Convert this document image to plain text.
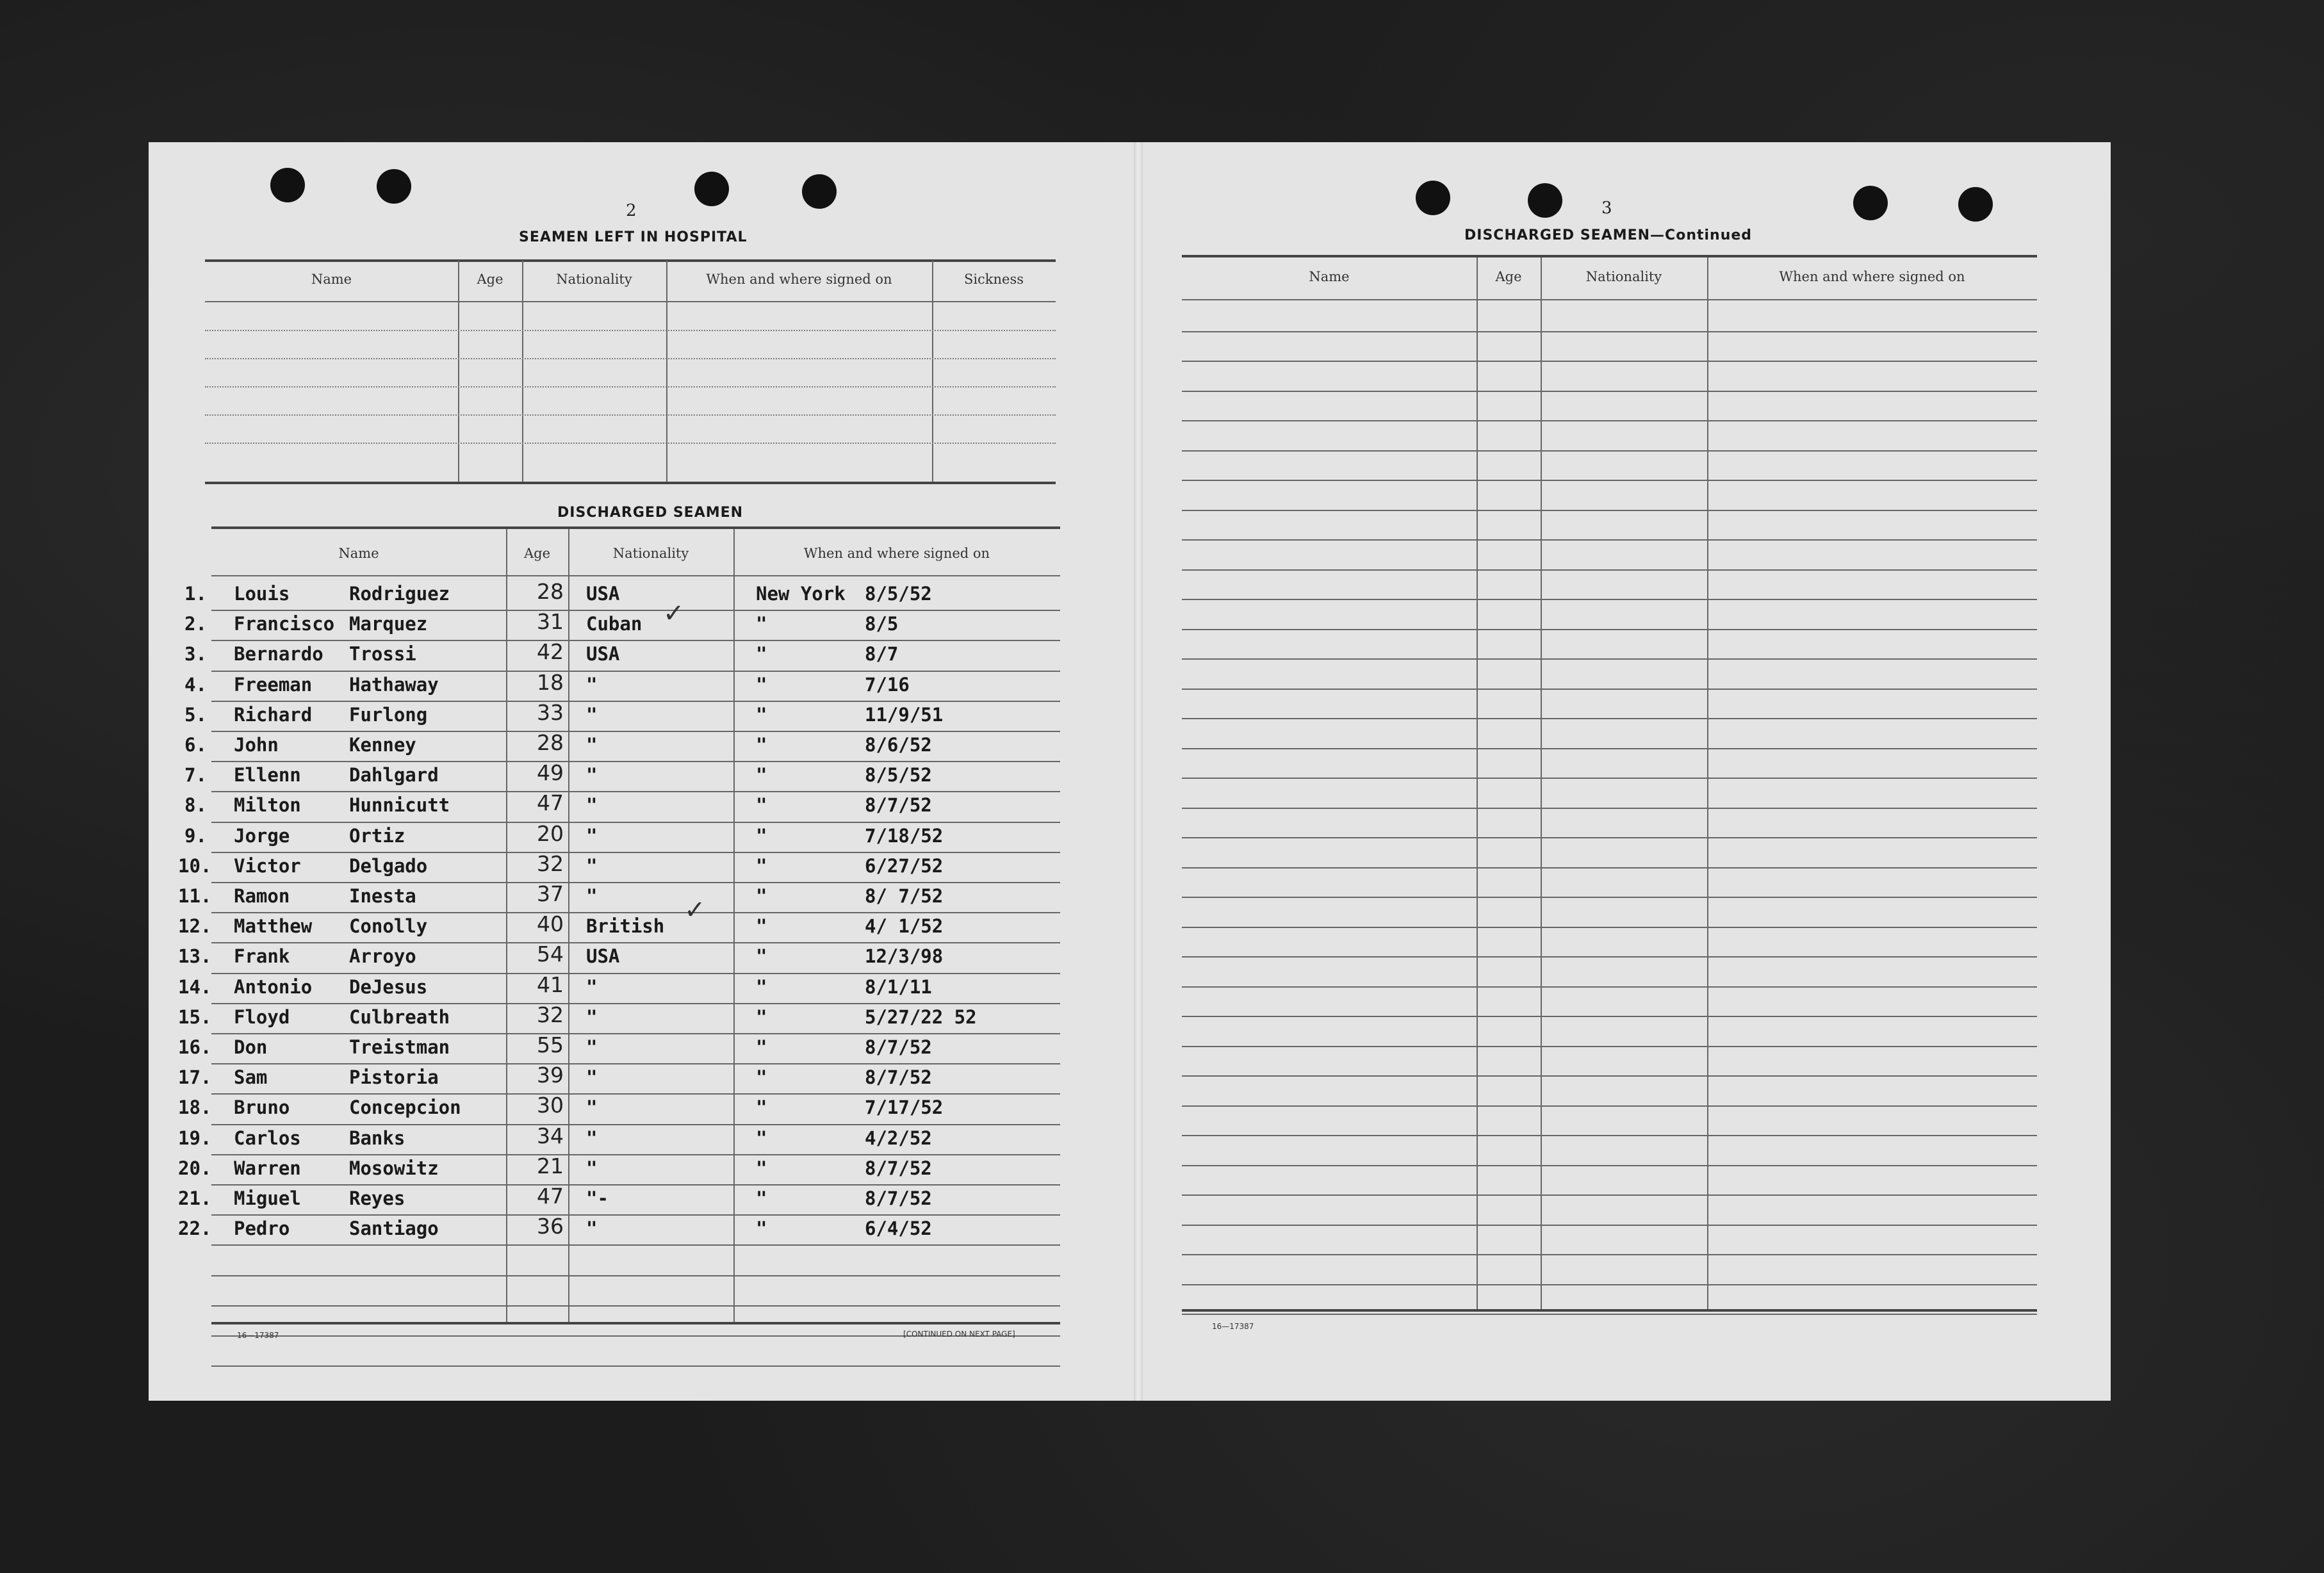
2	3
SEAMEN LEFT IN HOSPITAL
Name	Age	Nationality	When and where signed on	Sickness
DISCHARGED SEAMEN
Name	Age	Nationality	When and where signed on
1. Louis	Rodriguez	28 USA	New York 8/5/52
2. Francisco Marquez	31 Cuban	"	8/5
3. Bernardo Trossi	42 USA	"	8/7
4. Freeman Hathaway	18 "	"	7/16
5. Richard Furlong	33 "	"	11/9/51
6. John	Kenney	28 "	"	8/6/52
7. Ellenn	Dahlgard	49 "	"	8/5/52
8. Milton	Hunnicutt	47 "	"	8/7/52
9. Jorge	Ortiz	20 "	"	7/18/52
10. Victor	Delgado	32 "	"	6/27/52
11. Ramon	Inesta	37 "	"	8/ 7/52
12. Matthew Conolly	40 British	"	4/ 1/52
13. Frank	Arroyo	54 USA	"	12/3/98
14. Antonio DeJesus	41 "	"	8/1/11
15. Floyd	Culbreath	32 "	"	5/27/22 52
16. Don	Treistman	55 "	"	8/7/52
17. Sam	Pistoria	39 "	"	8/7/52
18. Bruno	Concepcion	30 "	"	7/17/52
19. Carlos	Banks	34 "	"	4/2/52
20. Warren	Mosowitz	21 "	"	8/7/52
21. Miguel	Reyes	47 "-	"	8/7/52
22. Pedro	Santiago	36 "	"	6/4/52
✓
✓
DISCHARGED SEAMEN—Continued
Name	Age	Nationality	When and where signed on
16—17387	[CONTINUED ON NEXT PAGE]
16—17387
